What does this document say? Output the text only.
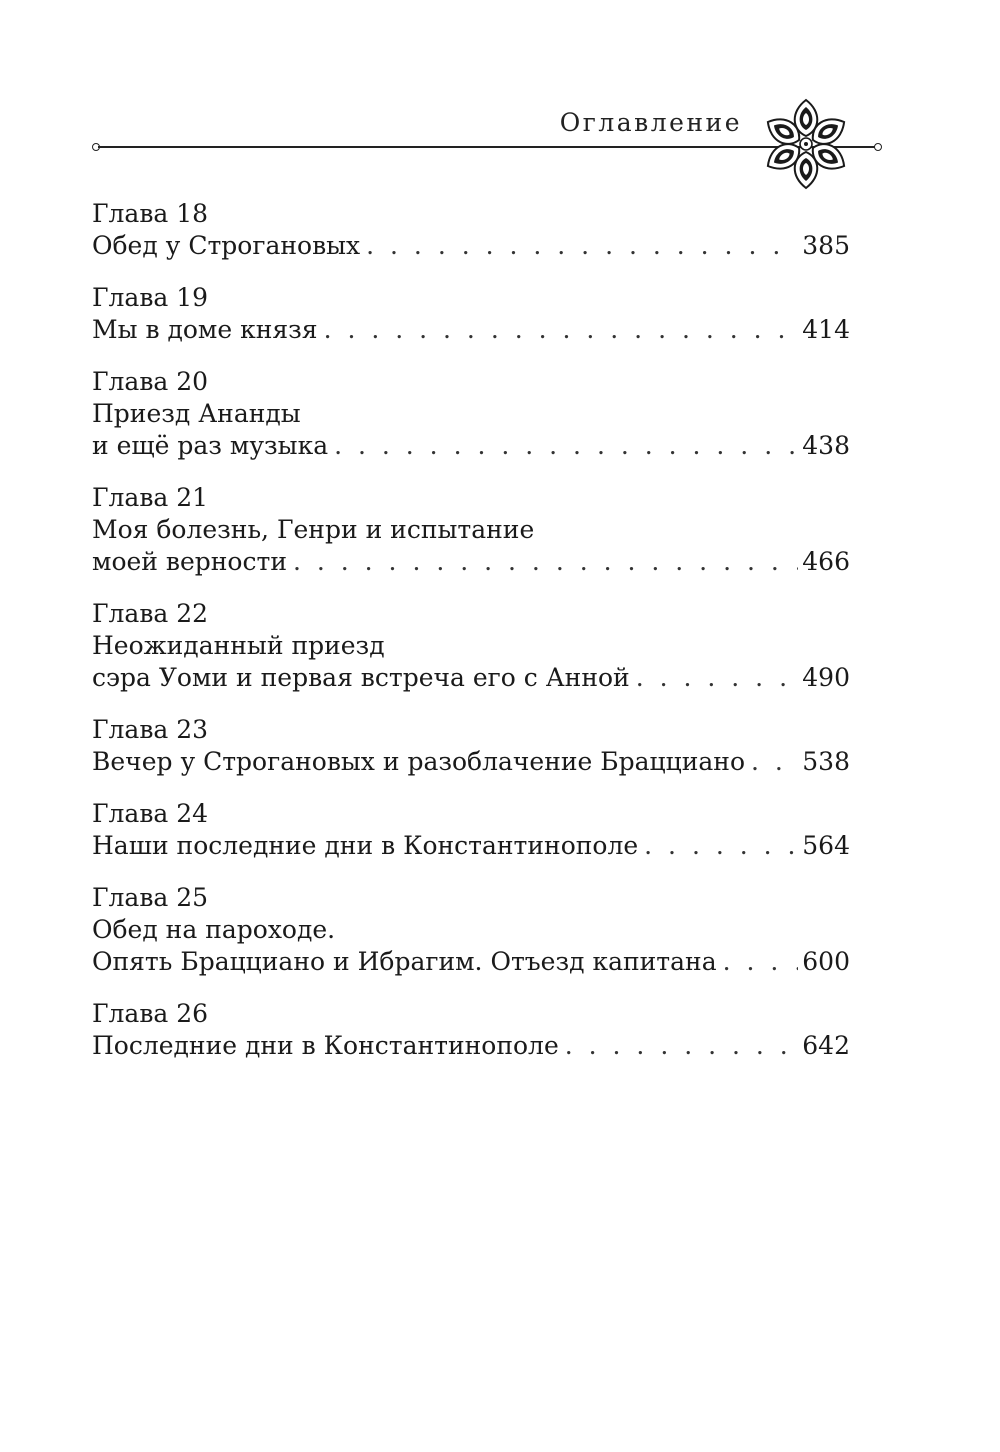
Оглавление
Глава 18
Обед у Строгановых . . .	385
Глава 19
Мы в доме князя . . .	414
Глава 20
Приезд Ананды
и ещё раз музыка . . .	438
Глава 21
Моя болезнь, Генри и испытание
моей верности . . .	466
Глава 22
Неожиданный приезд
сэра Уоми и первая встреча его с Анной . . .	490
Глава 23
Вечер у Строгановых и разоблачение Брацциано . . . 538
Глава 24
Наши последние дни в Константинополе . . .	564
Глава 25
Обед на пароходе.
Опять Брацциано и Ибрагим. Отъезд капитана . . .	600
Глава 26
Последние дни в Константинополе . . .	642
